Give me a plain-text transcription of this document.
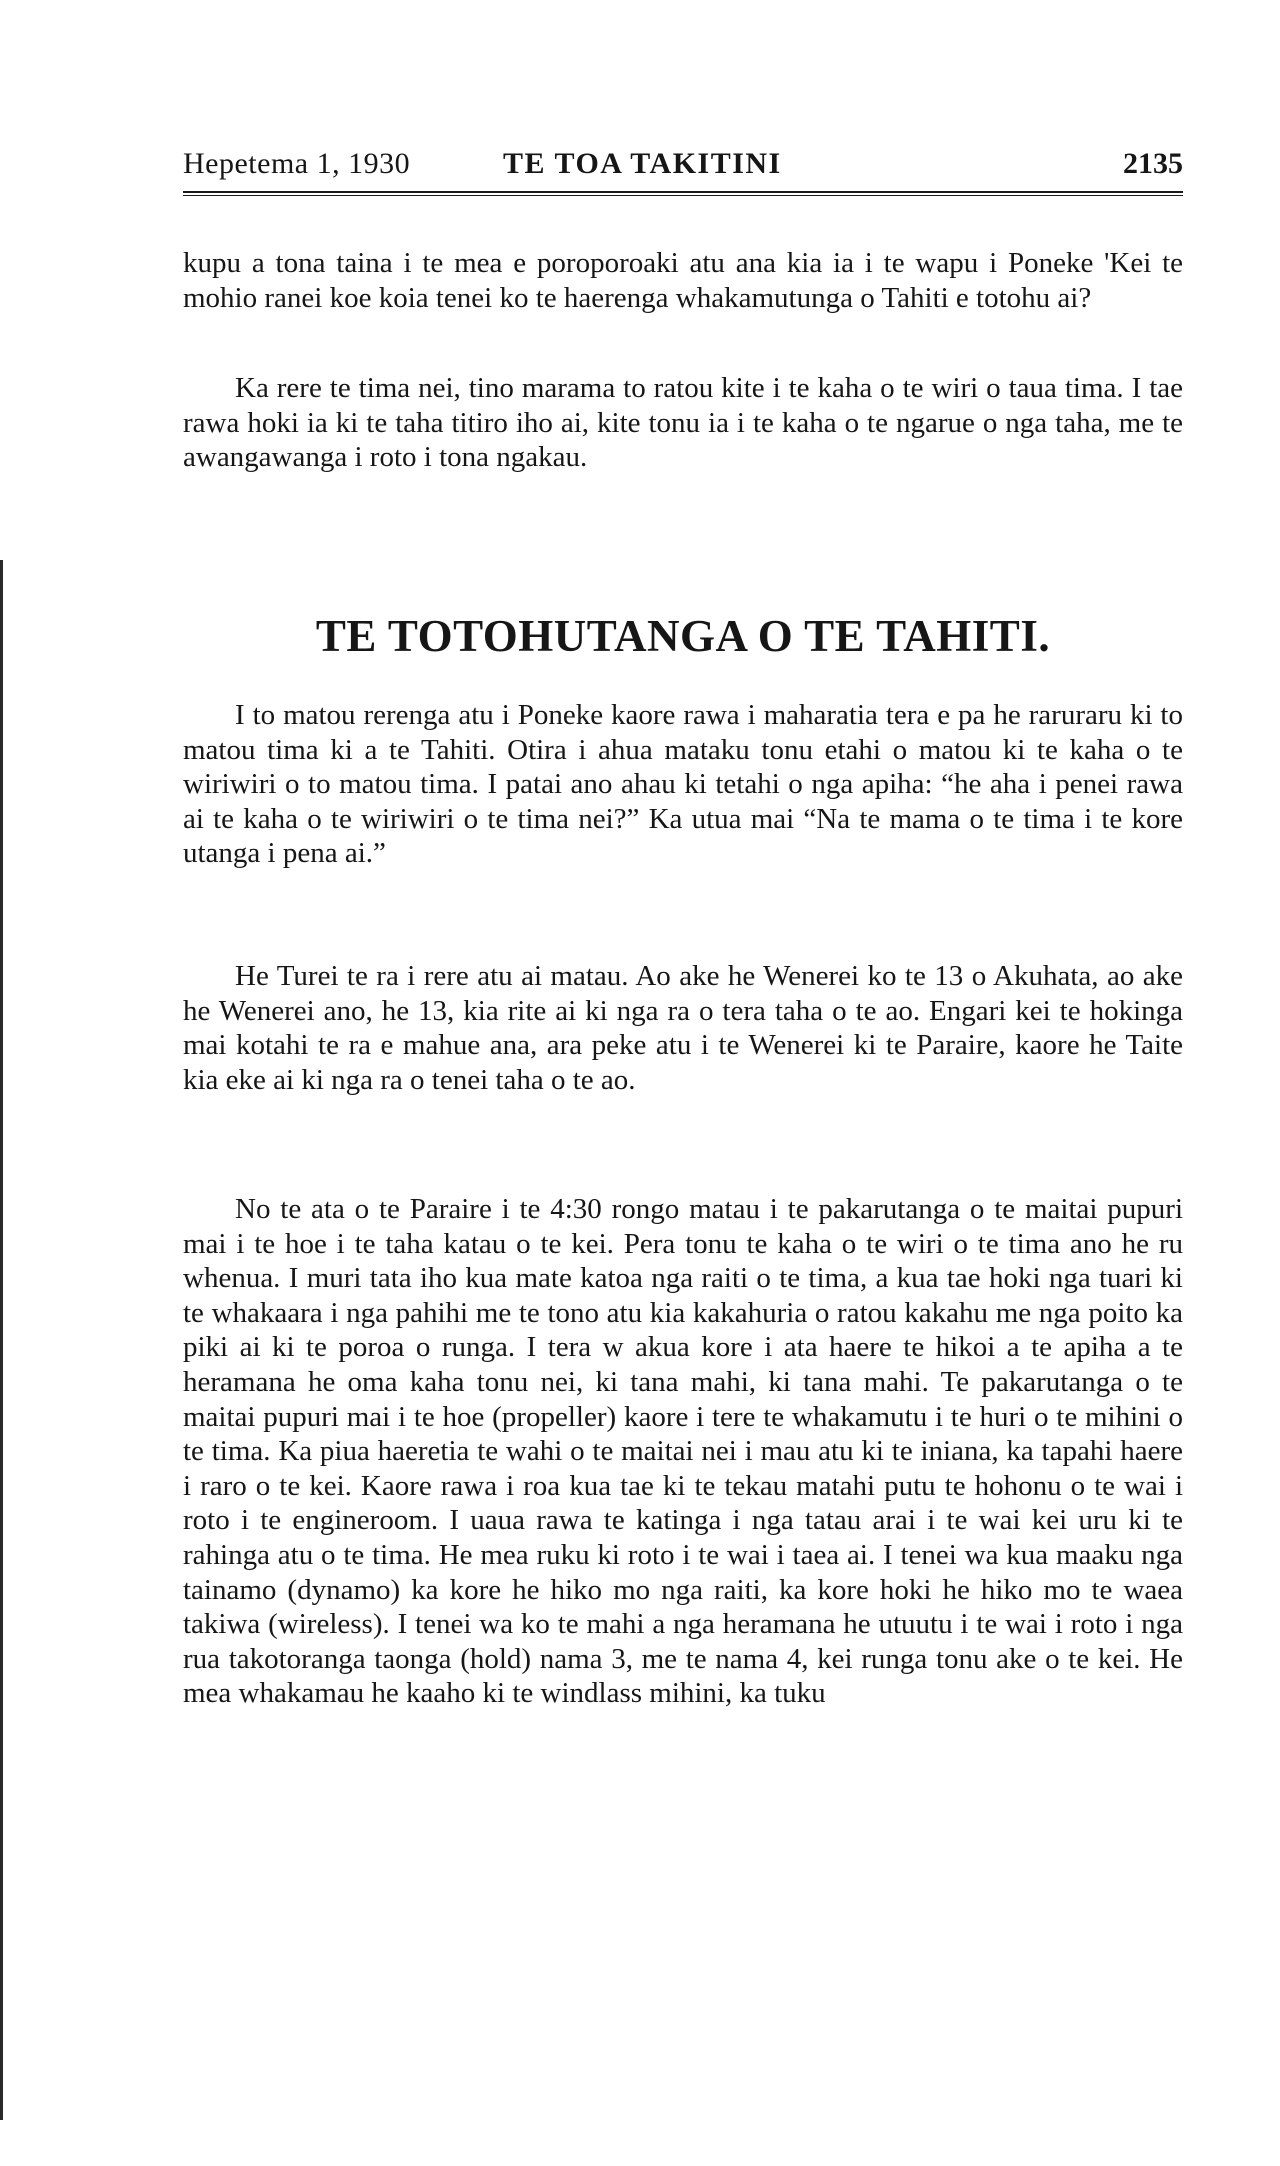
Hepetema 1, 1930	TE TOA TAKITINI	2135

kupu a tona taina i te mea e poroporoaki atu ana kia ia i te wapu i Poneke 'Kei te mohio ranei koe koia tenei ko te haerenga whakamutunga o Tahiti e totohu ai?

Ka rere te tima nei, tino marama to ratou kite i te kaha o te wiri o taua tima. I tae rawa hoki ia ki te taha titiro iho ai, kite tonu ia i te kaha o te ngarue o nga taha, me te awangawanga i roto i tona ngakau.

TE TOTOHUTANGA O TE TAHITI.

I to matou rerenga atu i Poneke kaore rawa i maharatia tera e pa he raruraru ki to matou tima ki a te Tahiti. Otira i ahua mataku tonu etahi o matou ki te kaha o te wiriwiri o to matou tima. I patai ano ahau ki tetahi o nga apiha: “he aha i penei rawa ai te kaha o te wiriwiri o te tima nei?” Ka utua mai “Na te mama o te tima i te kore utanga i pena ai.”

He Turei te ra i rere atu ai matau. Ao ake he Wenerei ko te 13 o Akuhata, ao ake he Wenerei ano, he 13, kia rite ai ki nga ra o tera taha o te ao. Engari kei te hokinga mai kotahi te ra e mahue ana, ara peke atu i te Wenerei ki te Paraire, kaore he Taite kia eke ai ki nga ra o tenei taha o te ao.

No te ata o te Paraire i te 4:30 rongo matau i te pakarutanga o te maitai pupuri mai i te hoe i te taha katau o te kei. Pera tonu te kaha o te wiri o te tima ano he ru whenua. I muri tata iho kua mate katoa nga raiti o te tima, a kua tae hoki nga tuari ki te whakaara i nga pahihi me te tono atu kia kakahuria o ratou kakahu me nga poito ka piki ai ki te poroa o runga. I tera w akua kore i ata haere te hikoi a te apiha a te heramana he oma kaha tonu nei, ki tana mahi, ki tana mahi. Te pakarutanga o te maitai pupuri mai i te hoe (propeller) kaore i tere te whakamutu i te huri o te mihini o te tima. Ka piua haeretia te wahi o te maitai nei i mau atu ki te iniana, ka tapahi haere i raro o te kei. Kaore rawa i roa kua tae ki te tekau matahi putu te hohonu o te wai i roto i te engineroom. I uaua rawa te katinga i nga tatau arai i te wai kei uru ki te rahinga atu o te tima. He mea ruku ki roto i te wai i taea ai. I tenei wa kua maaku nga tainamo (dynamo) ka kore he hiko mo nga raiti, ka kore hoki he hiko mo te waea takiwa (wireless). I tenei wa ko te mahi a nga heramana he utuutu i te wai i roto i nga rua takotoranga taonga (hold) nama 3, me te nama 4, kei runga tonu ake o te kei. He mea whakamau he kaaho ki te windlass mihini, ka tuku
